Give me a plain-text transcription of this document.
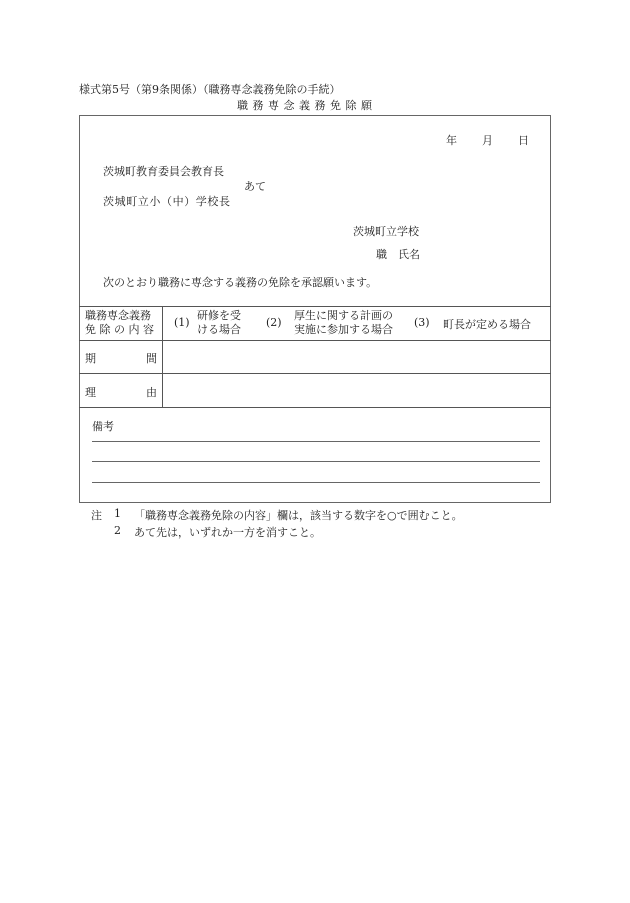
様式第5号（第9条関係）（職務専念義務免除の手続）
職 務 専 念 義 務 免 除 願
年 月 日
茨城町教育委員会教育長
あて
茨城町立小（中）学校長
茨城町立学校
職　氏名
次のとおり職務に専念する義務の免除を承認願います。
職務専念義務
免 除 の 内 容
(1)
研修を受
ける場合
(2)
厚生に関する計画の
実施に参加する場合
(3) 町長が定める場合
期	間
理	由
備考
注 1 「職務専念義務免除の内容」欄は，該当する数字を○で囲むこと。
2 あて先は，いずれか一方を消すこと。
